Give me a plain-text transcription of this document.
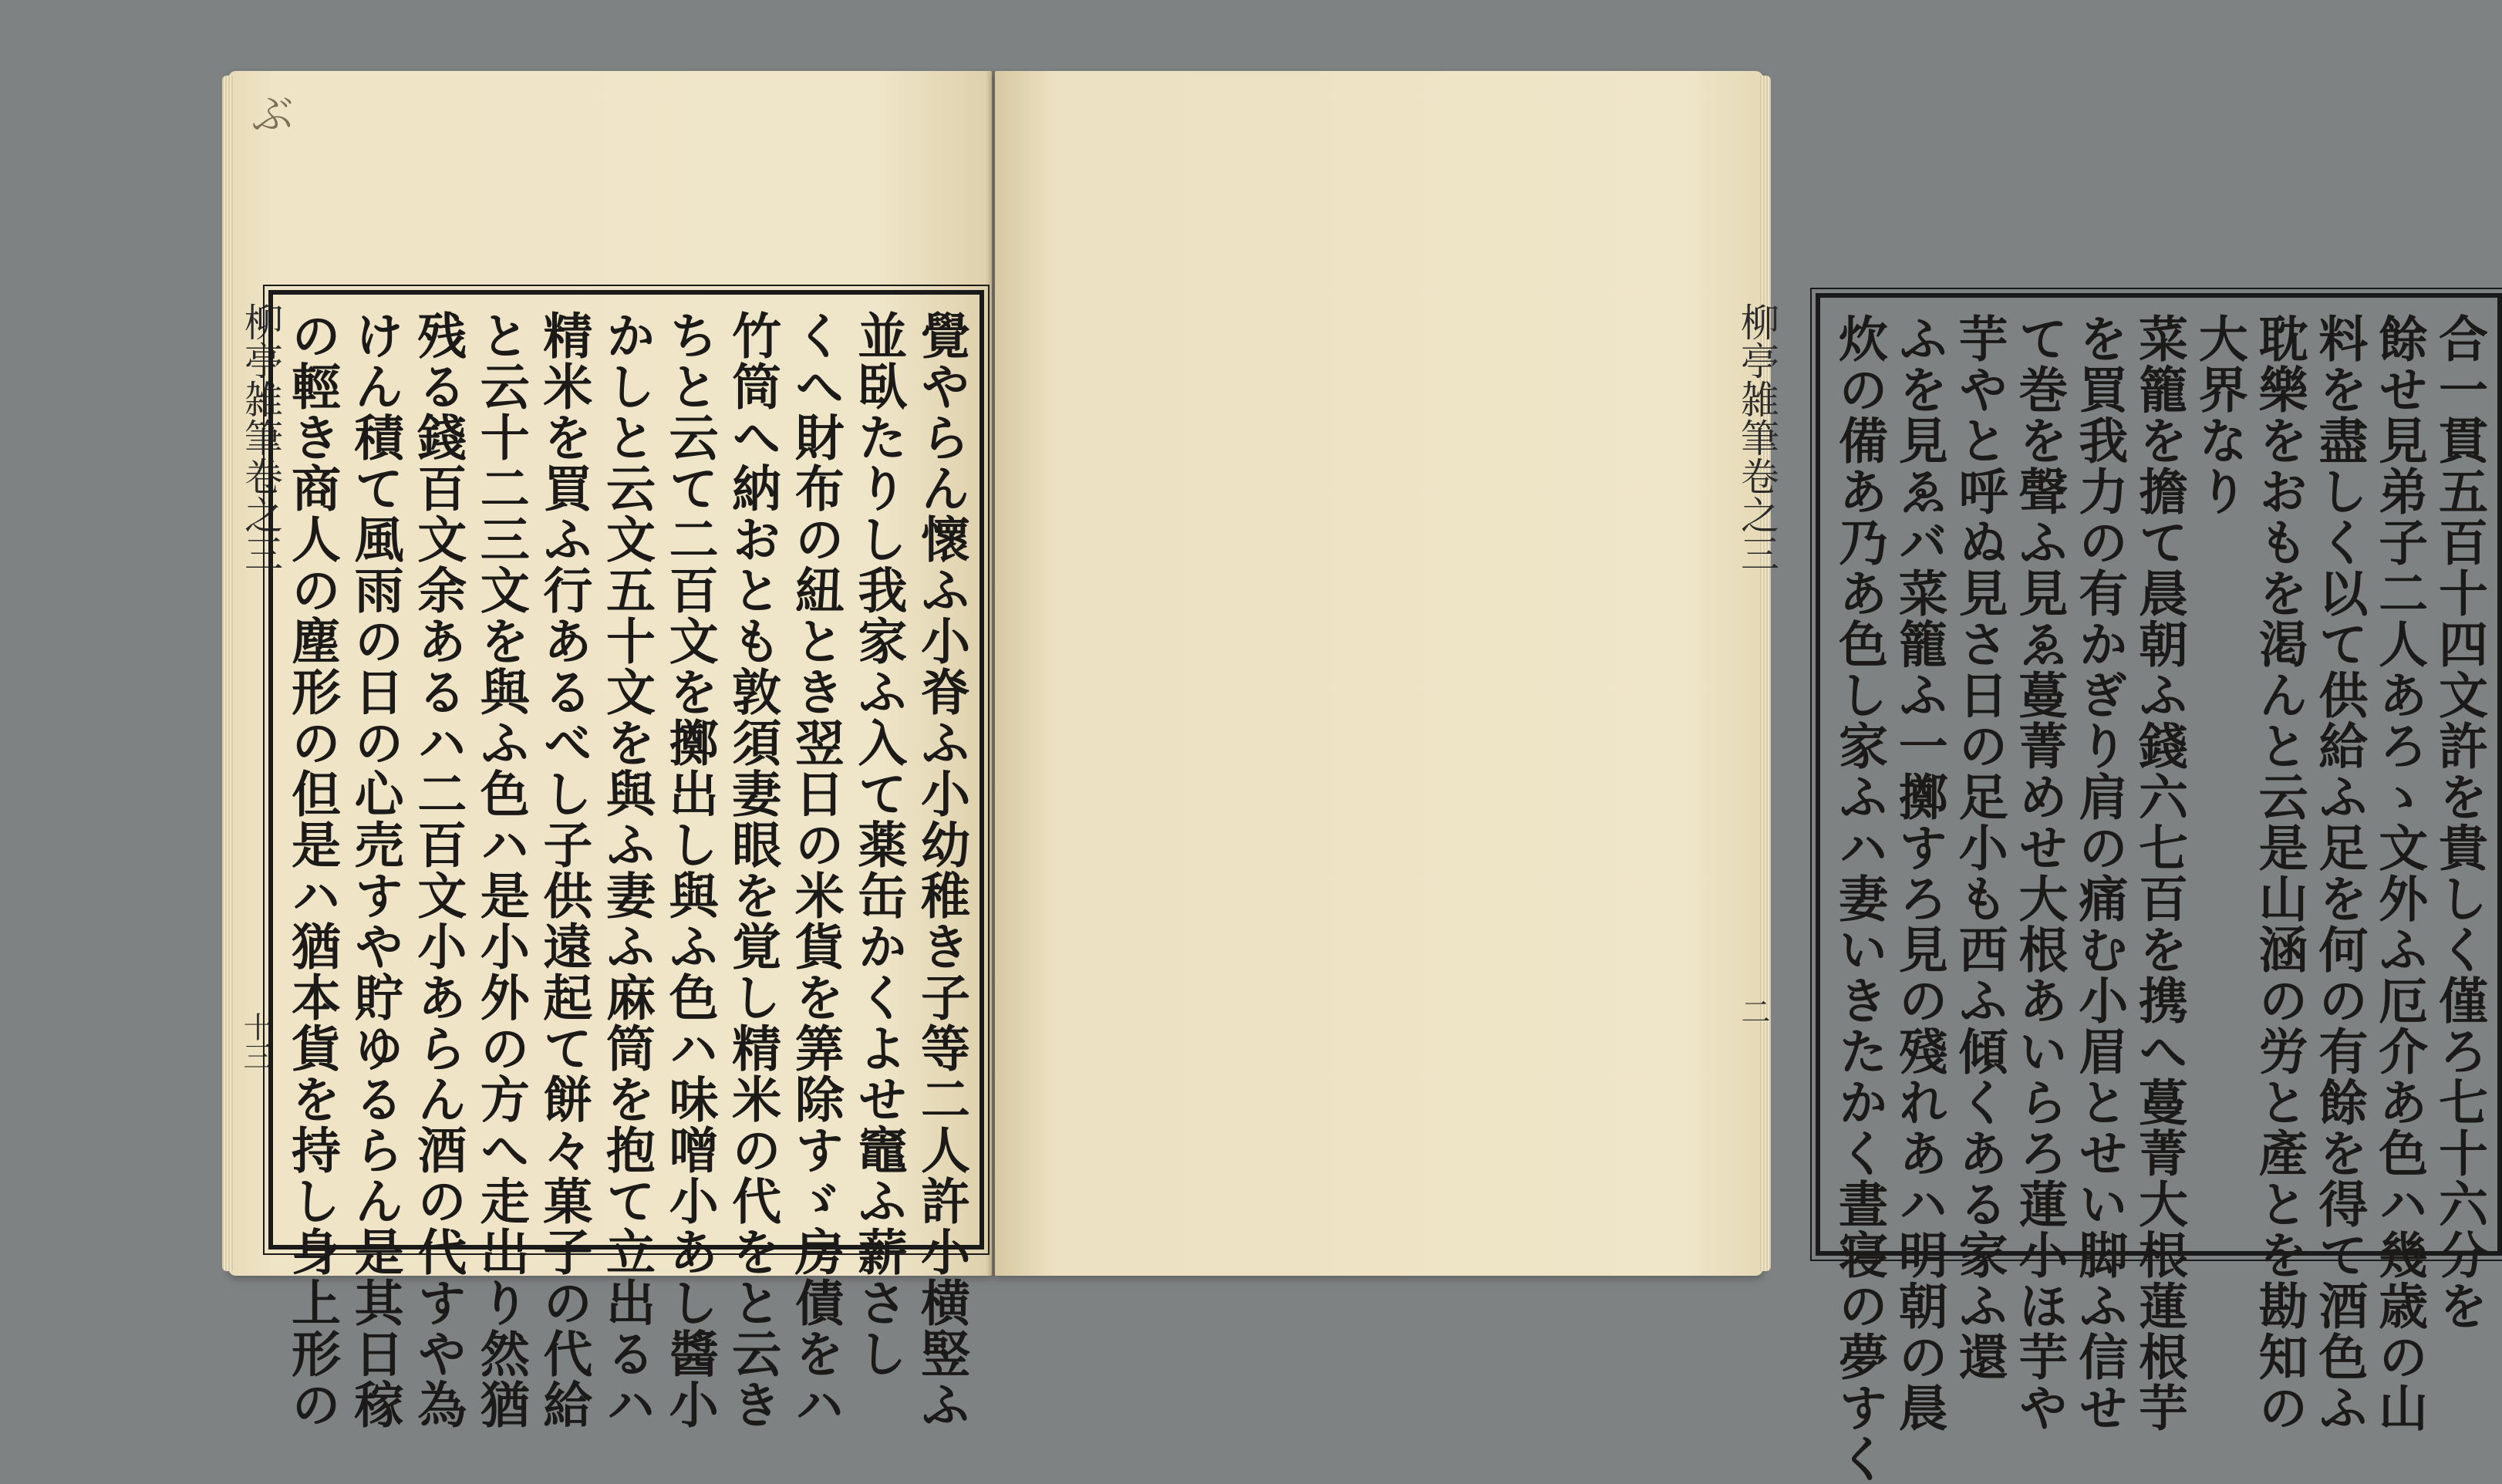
ぶ
柳亭雑筆卷之三
十三	覺やらん懷ふ小脊ふ小幼稚き子等二人許小横竪ふ
並臥たりし我家ふ入て薬缶かくよせ竈ふ薪さし
くへ財布の紐とき翌日の米貨を筭除すゞ房債をハ
竹筒へ納おとも敦須妻眼を覚し精米の代をと云き
ちと云て二百文を擲出し與ふ色ハ味噌小あし醬小
かしと云文五十文を與ふ妻ふ麻筒を抱て立出るハ
精米を買ふ行あるべし子供遠起て餅々菓子の代給
と云十二三文を與ふ色ハ是小外の方へ走出り然猶
残る錢百文余あるハ二百文小あらん酒の代すや為
けん積て風雨の日の心売すや貯ゆるらん是其日稼
の輕き商人の塵形の但是ハ猶本貨を持し身上形の	合一貫五百十四文許を貴しく僅ろ七十六分を
餘せ見弟子二人あろゝ文外ふ厄介あ色ハ幾歳の山
料を盡しく以て供給ふ足を何の有餘を得て酒色ふ
耽樂をおもを渇んと云是山涵の労と產とを勘知の
大界なり
菜籠を擔て晨朝ふ錢六七百を携へ蔓菁大根蓮根芋
を買我力の有かぎり肩の痛む小眉とせい脚ふ信せ
て巻を聲ふ見ゑ蔓菁めせ大根あいらろ蓮小ほ芋や
芋やと呼ぬ見さ日の足小も西ふ傾くある家ふ還
ふを見ゑバ菜籠ふ一擲すろ見の殘れあハ明朝の晨
炊の備あ乃あ色し家ふハ妻いきたかく晝寝の夢すく
柳亭雑筆卷之三
二
